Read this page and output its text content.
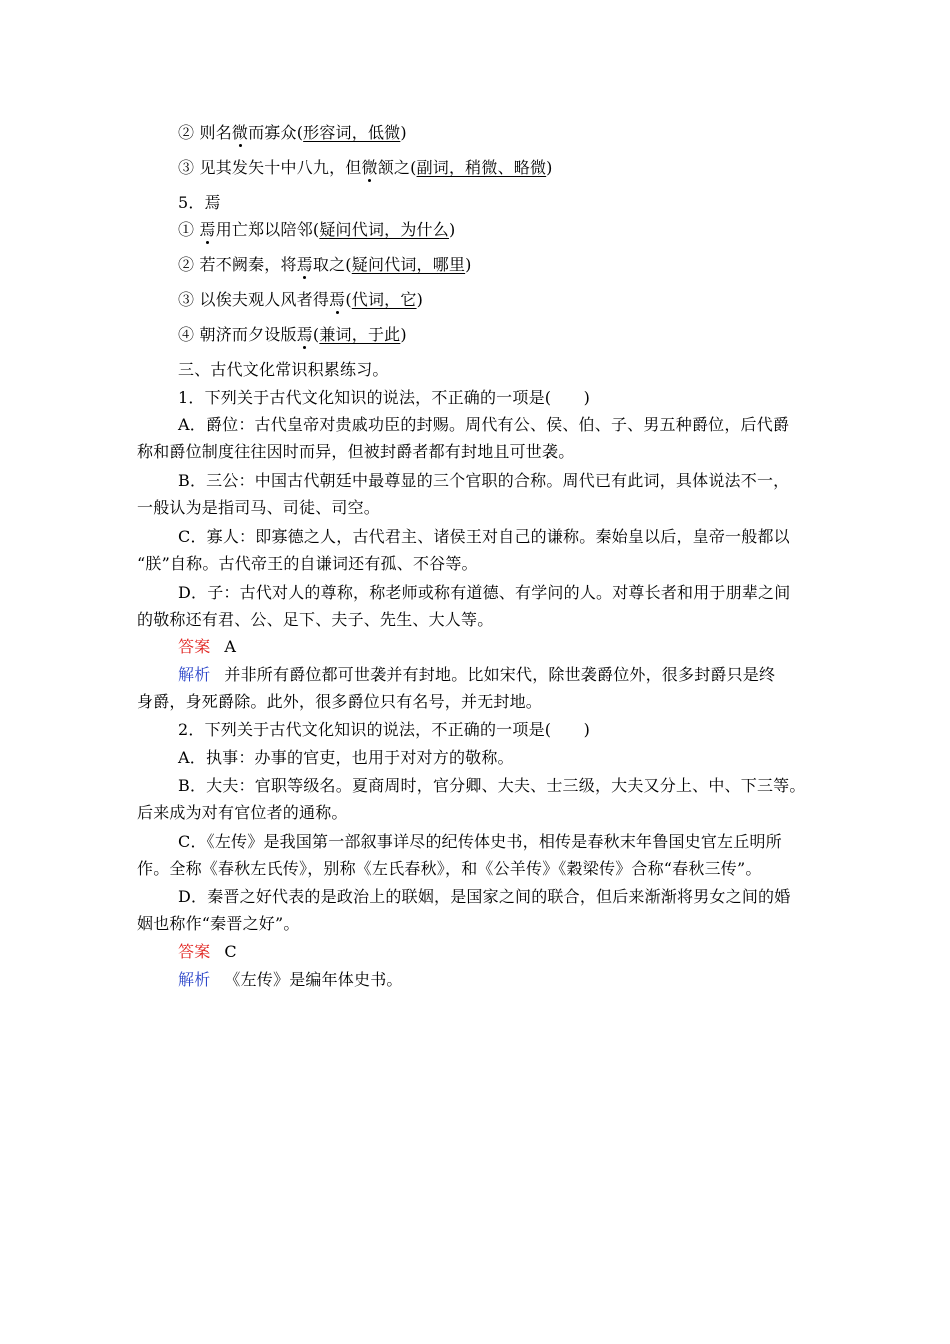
② 则名微而寡众(形容词，低微)
③ 见其发矢十中八九，但微颔之(副词，稍微、略微)
5．焉
① 焉用亡郑以陪邻(疑问代词，为什么)
② 若不阙秦，将焉取之(疑问代词，哪里)
③ 以俟夫观人风者得焉(代词，它)
④ 朝济而夕设版焉(兼词，于此)
三、古代文化常识积累练习。
1．下列关于古代文化知识的说法，不正确的一项是(　　)
A．爵位：古代皇帝对贵戚功臣的封赐。周代有公、侯、伯、子、男五种爵位，后代爵
称和爵位制度往往因时而异，但被封爵者都有封地且可世袭。
B．三公：中国古代朝廷中最尊显的三个官职的合称。周代已有此词，具体说法不一，
一般认为是指司马、司徒、司空。
C．寡人：即寡德之人，古代君主、诸侯王对自己的谦称。秦始皇以后，皇帝一般都以
“朕”自称。古代帝王的自谦词还有孤、不谷等。
D．子：古代对人的尊称，称老师或称有道德、有学问的人。对尊长者和用于朋辈之间
的敬称还有君、公、足下、夫子、先生、大人等。
答案 A
解析 并非所有爵位都可世袭并有封地。比如宋代，除世袭爵位外，很多封爵只是终
身爵，身死爵除。此外，很多爵位只有名号，并无封地。
2．下列关于古代文化知识的说法，不正确的一项是(　　)
A．执事：办事的官吏，也用于对对方的敬称。
B．大夫：官职等级名。夏商周时，官分卿、大夫、士三级，大夫又分上、中、下三等。
后来成为对有官位者的通称。
C．《左传》是我国第一部叙事详尽的纪传体史书，相传是春秋末年鲁国史官左丘明所
作。全称《春秋左氏传》，别称《左氏春秋》，和《公羊传》《穀梁传》合称“春秋三传”。
D．秦晋之好代表的是政治上的联姻，是国家之间的联合，但后来渐渐将男女之间的婚
姻也称作“秦晋之好”。
答案 C
解析 《左传》是编年体史书。
